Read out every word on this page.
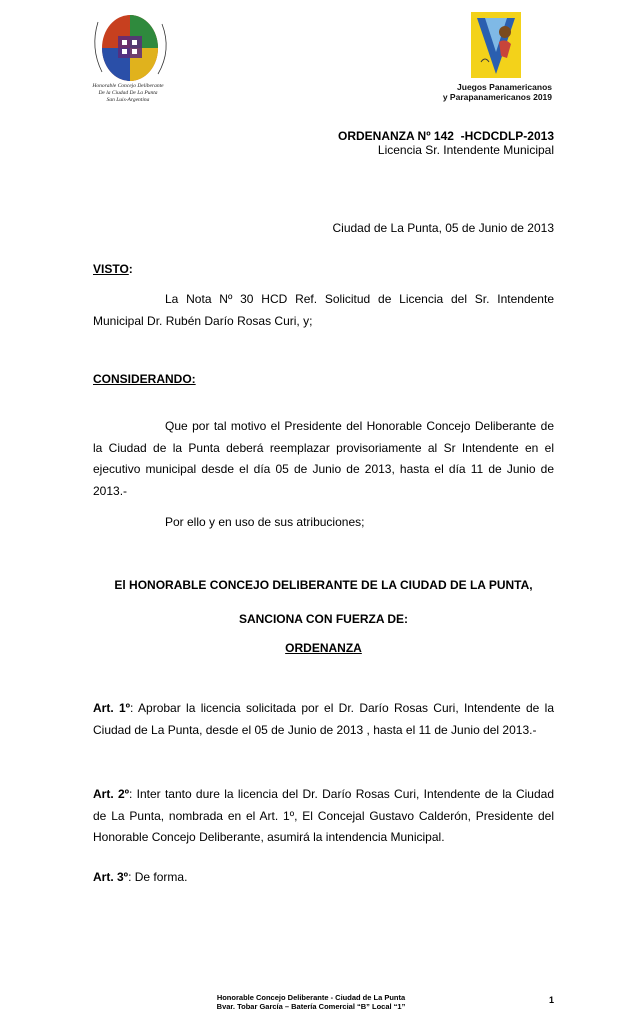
Honorable Concejo Deliberante
De la Ciudad De La Punta
San Luis-Argentina
Juegos Panamericanos
y Parapanamericanos 2019
ORDENANZA Nº 142 -HCDCDLP-2013
Licencia Sr. Intendente Municipal
Ciudad de La Punta, 05 de Junio de 2013
VISTO:
La Nota Nº 30 HCD Ref. Solicitud de Licencia del Sr. Intendente Municipal Dr. Rubén Darío Rosas Curi, y;
CONSIDERANDO:
Que por tal motivo el Presidente del Honorable Concejo Deliberante de la Ciudad de la Punta deberá reemplazar provisoriamente al Sr Intendente en el ejecutivo municipal desde el día 05 de Junio de 2013, hasta el día 11 de Junio de 2013.-
Por ello y en uso de sus atribuciones;
El HONORABLE CONCEJO DELIBERANTE DE LA CIUDAD DE LA PUNTA,
SANCIONA CON FUERZA DE:
ORDENANZA
Art. 1º: Aprobar la licencia solicitada por el Dr. Darío Rosas Curi, Intendente de la Ciudad de La Punta, desde el 05 de Junio de 2013 , hasta el 11 de Junio del 2013.-
Art. 2º: Inter tanto dure la licencia del Dr. Darío Rosas Curi, Intendente de la Ciudad de La Punta, nombrada en el Art. 1º, El Concejal Gustavo Calderón, Presidente del Honorable Concejo Deliberante, asumirá la intendencia Municipal.
Art. 3º: De forma.
Honorable Concejo Deliberante - Ciudad de La Punta
Bvar. Tobar García – Batería Comercial “B” Local “1”
1
